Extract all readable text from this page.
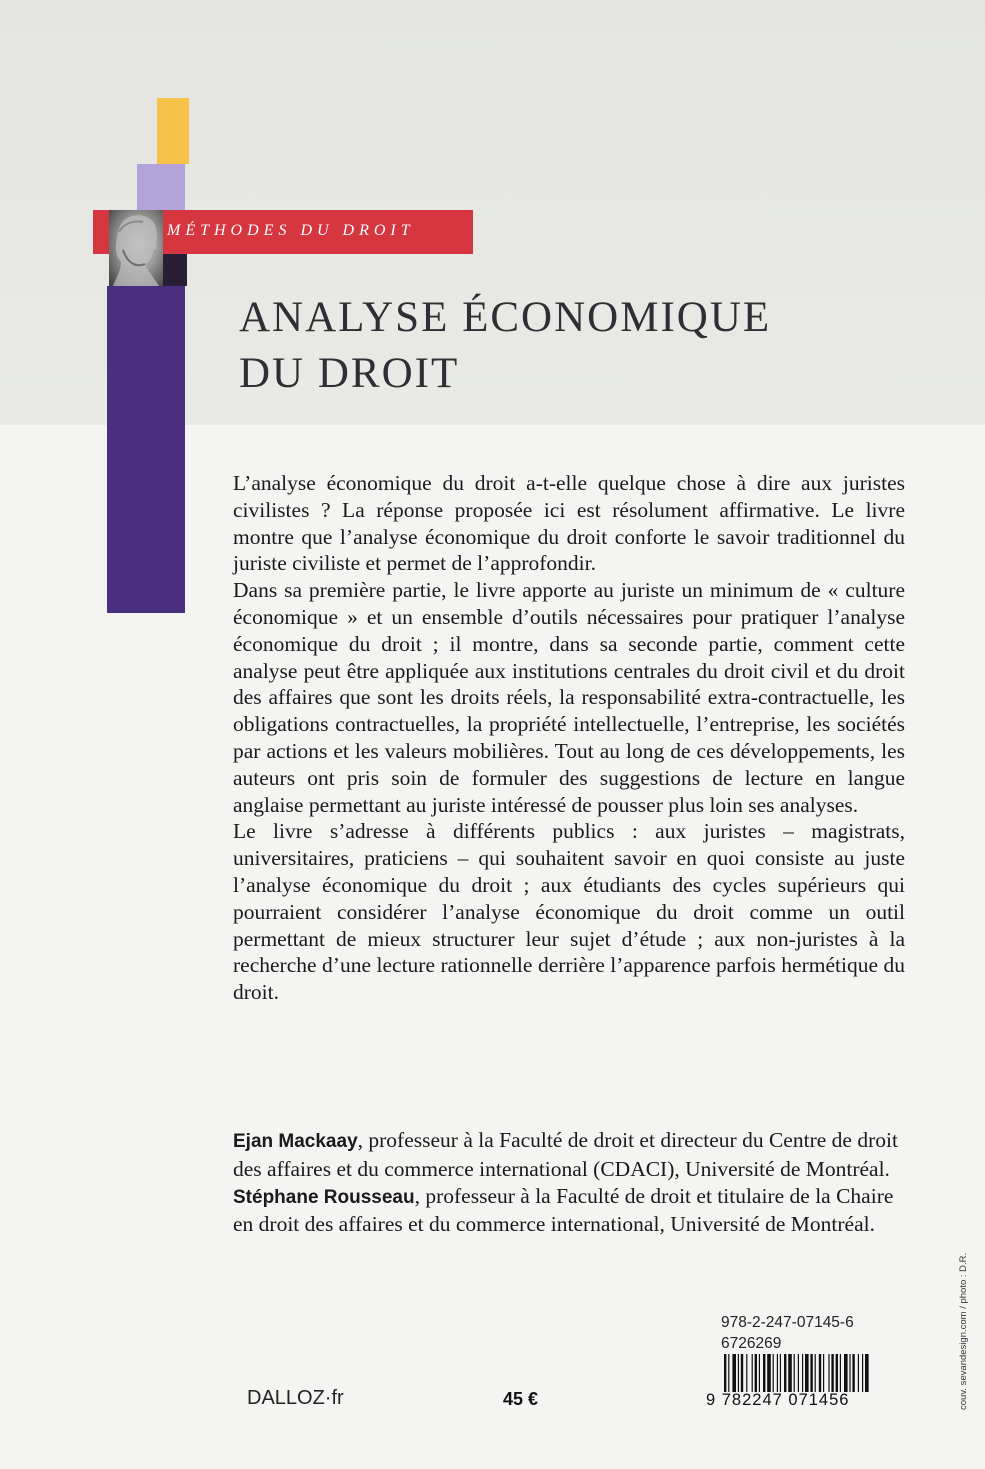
MÉTHODES DU DROIT
ANALYSE ÉCONOMIQUE
DU DROIT

L’analyse économique du droit a-t-elle quelque chose à dire aux juristes civilistes ? La réponse proposée ici est résolument affirmative. Le livre montre que l’analyse économique du droit conforte le savoir traditionnel du juriste civiliste et permet de l’approfondir.

Dans sa première partie, le livre apporte au juriste un minimum de « culture économique » et un ensemble d’outils nécessaires pour pratiquer l’analyse économique du droit ; il montre, dans sa seconde partie, comment cette analyse peut être appliquée aux institutions centrales du droit civil et du droit des affaires que sont les droits réels, la responsabilité extra-contractuelle, les obligations contractuelles, la propriété intellectuelle, l’entreprise, les sociétés par actions et les valeurs mobilières. Tout au long de ces développements, les auteurs ont pris soin de formuler des suggestions de lecture en langue anglaise permettant au juriste intéressé de pousser plus loin ses analyses.

Le livre s’adresse à différents publics : aux juristes – magistrats, universitaires, praticiens – qui souhaitent savoir en quoi consiste au juste l’analyse économique du droit ; aux étudiants des cycles supérieurs qui pourraient considérer l’analyse économique du droit comme un outil permettant de mieux structurer leur sujet d’étude ; aux non-juristes à la recherche d’une lecture rationnelle derrière l’apparence parfois hermétique du droit.

Ejan Mackaay, professeur à la Faculté de droit et directeur du Centre de droit des affaires et du commerce international (CDACI), Université de Montréal.

Stéphane Rousseau, professeur à la Faculté de droit et titulaire de la Chaire en droit des affaires et du commerce international, Université de Montréal.

978-2-247-07145-6
6726269
9 782247 071456
DALLOZ·fr	45 €	couv. sevandesign.com / photo : D.R.
